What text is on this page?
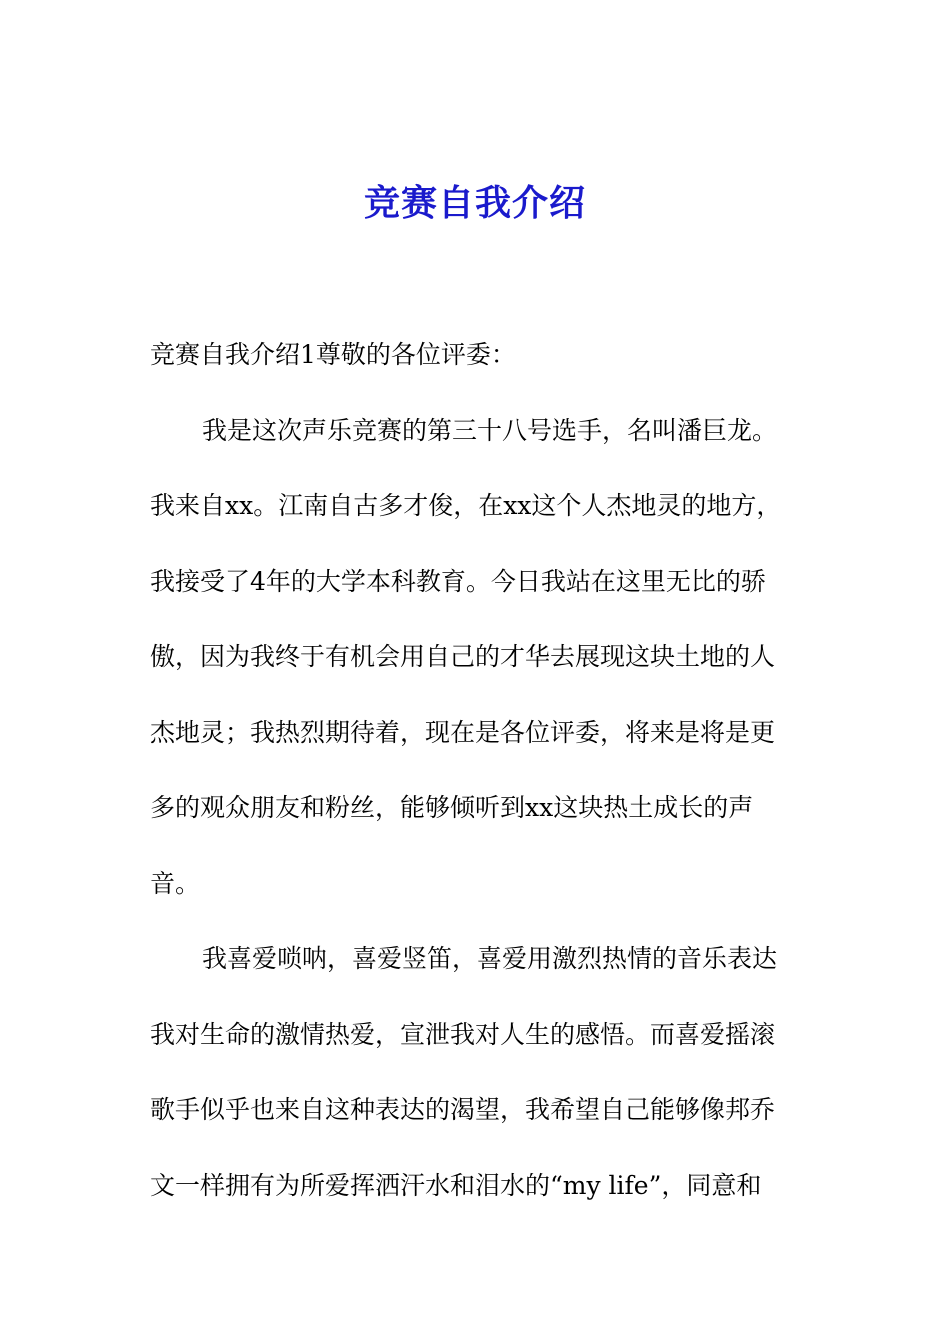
竞赛自我介绍
竞赛自我介绍1尊敬的各位评委：
我是这次声乐竞赛的第三十八号选手，名叫潘巨龙。
我来自xx。江南自古多才俊，在xx这个人杰地灵的地方，
我接受了4年的大学本科教育。今日我站在这里无比的骄
傲，因为我终于有机会用自己的才华去展现这块土地的人
杰地灵；我热烈期待着，现在是各位评委，将来是将是更
多的观众朋友和粉丝，能够倾听到xx这块热土成长的声
音。
我喜爱唢呐，喜爱竖笛，喜爱用激烈热情的音乐表达
我对生命的激情热爱，宣泄我对人生的感悟。而喜爱摇滚
歌手似乎也来自这种表达的渴望，我希望自己能够像邦乔
文一样拥有为所爱挥洒汗水和泪水的“my life”，同意和
